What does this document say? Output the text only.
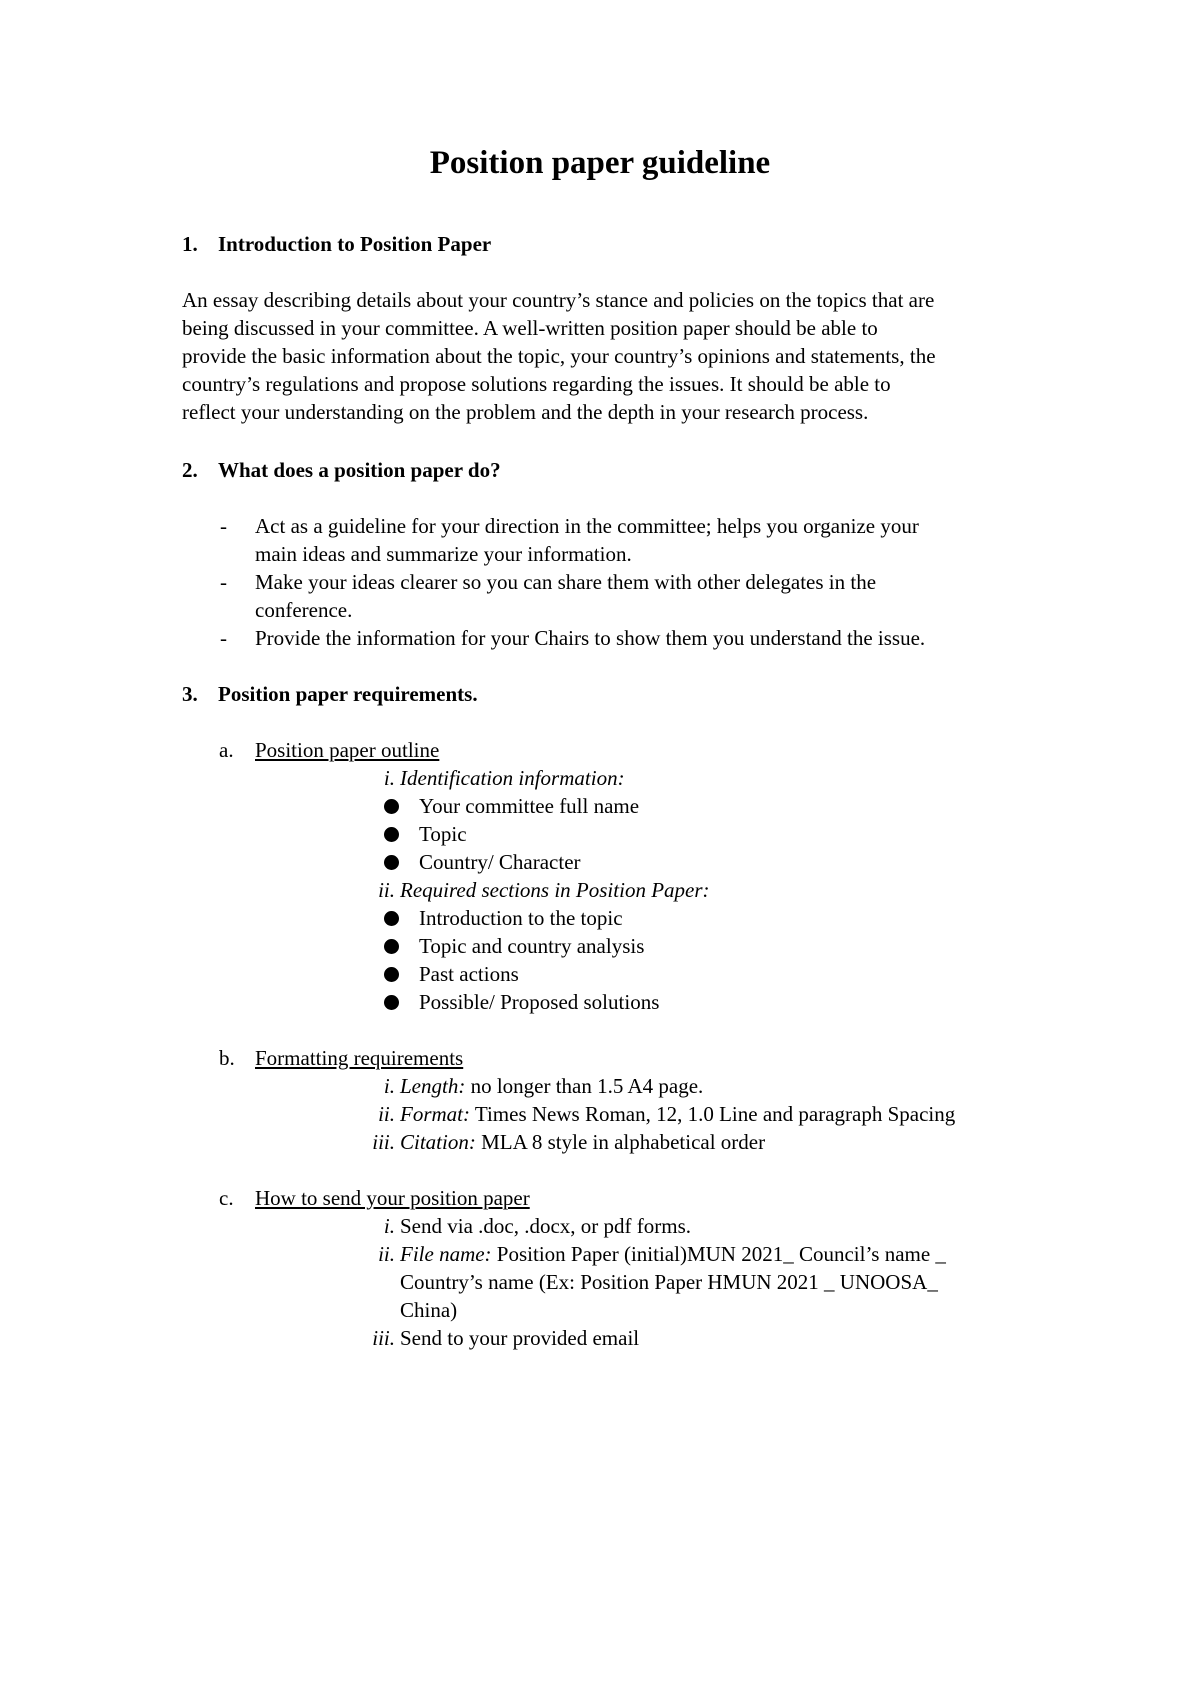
Position paper guideline
1. Introduction to Position Paper
An essay describing details about your country’s stance and policies on the topics that are
being discussed in your committee. A well-written position paper should be able to
provide the basic information about the topic, your country’s opinions and statements, the
country’s regulations and propose solutions regarding the issues. It should be able to
reflect your understanding on the problem and the depth in your research process.
2. What does a position paper do?
- Act as a guideline for your direction in the committee; helps you organize your
main ideas and summarize your information.
- Make your ideas clearer so you can share them with other delegates in the
conference.
- Provide the information for your Chairs to show them you understand the issue.
3. Position paper requirements.
a. Position paper outline
i. Identification information:
Your committee full name
Topic
Country/ Character
ii. Required sections in Position Paper:
Introduction to the topic
Topic and country analysis
Past actions
Possible/ Proposed solutions
b. Formatting requirements
i. Length: no longer than 1.5 A4 page.
ii. Format: Times News Roman, 12, 1.0 Line and paragraph Spacing
iii. Citation: MLA 8 style in alphabetical order
c. How to send your position paper
i. Send via .doc, .docx, or pdf forms.
ii. File name: Position Paper (initial)MUN 2021_ Council’s name _
Country’s name (Ex: Position Paper HMUN 2021 _ UNOOSA_
China)
iii. Send to your provided email
